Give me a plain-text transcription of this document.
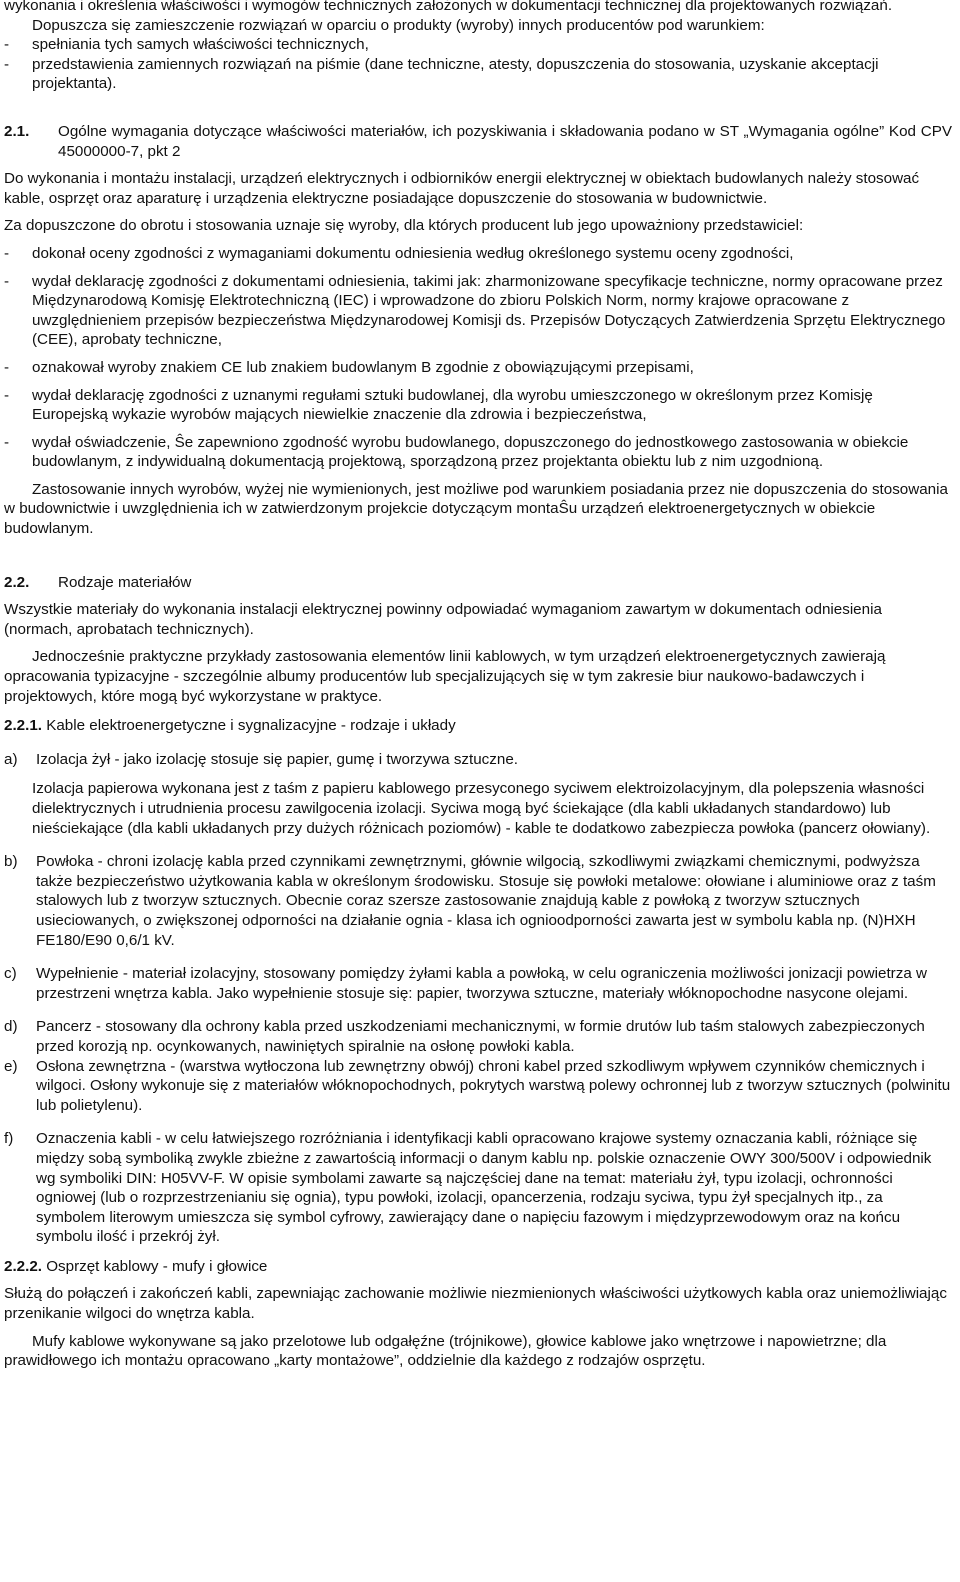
wykonania i określenia właściwości i wymogów technicznych założonych w dokumentacji technicznej dla projektowanych rozwiązań.

Dopuszcza się zamieszczenie rozwiązań w oparciu o produkty (wyroby) innych producentów pod warunkiem:

-	spełniania tych samych właściwości technicznych,
-	przedstawienia zamiennych rozwiązań na piśmie (dane techniczne, atesty, dopuszczenia do stosowania, uzyskanie akceptacji projektanta).
2.1.	Ogólne wymagania dotyczące właściwości materiałów, ich pozyskiwania i składowania podano w ST „Wymagania ogólne” Kod CPV 45000000-7, pkt 2

Do wykonania i montażu instalacji, urządzeń elektrycznych i odbiorników energii elektrycznej w obiektach budowlanych należy stosować kable, osprzęt oraz aparaturę i urządzenia elektryczne posiadające dopuszczenie do stosowania w budownictwie.

Za dopuszczone do obrotu i stosowania uznaje się wyroby, dla których producent lub jego upoważniony przedstawiciel:

-	dokonał oceny zgodności z wymaganiami dokumentu odniesienia według określonego systemu oceny zgodności,
-	wydał deklarację zgodności z dokumentami odniesienia, takimi jak: zharmonizowane specyfikacje techniczne, normy opracowane przez Międzynarodową Komisję Elektrotechniczną (IEC) i wprowadzone do zbioru Polskich Norm, normy krajowe opracowane z uwzględnieniem przepisów bezpieczeństwa Międzynarodowej Komisji ds. Przepisów Dotyczących Zatwierdzenia Sprzętu Elektrycznego (CEE), aprobaty techniczne,
-	oznakował wyroby znakiem CE lub znakiem budowlanym B zgodnie z obowiązującymi przepisami,
-	wydał deklarację zgodności z uznanymi regułami sztuki budowlanej, dla wyrobu umieszczonego w określonym przez Komisję Europejską wykazie wyrobów mających niewielkie znaczenie dla zdrowia i bezpieczeństwa,
-	wydał oświadczenie, Ŝe zapewniono zgodność wyrobu budowlanego, dopuszczonego do jednostkowego zastosowania w obiekcie budowlanym, z indywidualną dokumentacją projektową, sporządzoną przez projektanta obiektu lub z nim uzgodnioną.

Zastosowanie innych wyrobów, wyżej nie wymienionych, jest możliwe pod warunkiem posiadania przez nie dopuszczenia do stosowania w budownictwie i uwzględnienia ich w zatwierdzonym projekcie dotyczącym montaŜu urządzeń elektroenergetycznych w obiekcie budowlanym.

2.2.	Rodzaje materiałów

Wszystkie materiały do wykonania instalacji elektrycznej powinny odpowiadać wymaganiom zawartym w dokumentach odniesienia (normach, aprobatach technicznych).

Jednocześnie praktyczne przykłady zastosowania elementów linii kablowych, w tym urządzeń elektroenergetycznych zawierają opracowania typizacyjne - szczególnie albumy producentów lub specjalizujących się w tym zakresie biur naukowo-badawczych i projektowych, które mogą być wykorzystane w praktyce.

2.2.1. Kable elektroenergetyczne i sygnalizacyjne - rodzaje i układy

a)	Izolacja żył - jako izolację stosuje się papier, gumę i tworzywa sztuczne.

Izolacja papierowa wykonana jest z taśm z papieru kablowego przesyconego syciwem elektroizolacyjnym, dla polepszenia własności dielektrycznych i utrudnienia procesu zawilgocenia izolacji. Syciwa mogą być ściekające (dla kabli układanych standardowo) lub nieściekające (dla kabli układanych przy dużych różnicach poziomów) - kable te dodatkowo zabezpiecza powłoka (pancerz ołowiany).

b)	Powłoka - chroni izolację kabla przed czynnikami zewnętrznymi, głównie wilgocią, szkodliwymi związkami chemicznymi, podwyższa także bezpieczeństwo użytkowania kabla w określonym środowisku. Stosuje się powłoki metalowe: ołowiane i aluminiowe oraz z taśm stalowych lub z tworzyw sztucznych. Obecnie coraz szersze zastosowanie znajdują kable z powłoką z tworzyw sztucznych usieciowanych, o zwiększonej odporności na działanie ognia - klasa ich ognioodporności zawarta jest w symbolu kabla np. (N)HXH FE180/E90 0,6/1 kV.
c)	Wypełnienie - materiał izolacyjny, stosowany pomiędzy żyłami kabla a powłoką, w celu ograniczenia możliwości jonizacji powietrza w przestrzeni wnętrza kabla. Jako wypełnienie stosuje się: papier, tworzywa sztuczne, materiały włóknopochodne nasycone olejami.
d)	Pancerz - stosowany dla ochrony kabla przed uszkodzeniami mechanicznymi, w formie drutów lub taśm stalowych zabezpieczonych przed korozją np. ocynkowanych, nawiniętych spiralnie na osłonę powłoki kabla.
e)	Osłona zewnętrzna - (warstwa wytłoczona lub zewnętrzny obwój) chroni kabel przed szkodliwym wpływem czynników chemicznych i wilgoci. Osłony wykonuje się z materiałów włóknopochodnych, pokrytych warstwą polewy ochronnej lub z tworzyw sztucznych (polwinitu lub polietylenu).
f)	Oznaczenia kabli - w celu łatwiejszego rozróżniania i identyfikacji kabli opracowano krajowe systemy oznaczania kabli, różniące się między sobą symboliką zwykle zbieżne z zawartością informacji o danym kablu np. polskie oznaczenie OWY 300/500V i odpowiednik wg symboliki DIN: H05VV-F. W opisie symbolami zawarte są najczęściej dane na temat: materiału żył, typu izolacji, ochronności ogniowej (lub o rozprzestrzenianiu się ognia), typu powłoki, izolacji, opancerzenia, rodzaju syciwa, typu żył specjalnych itp., za symbolem literowym umieszcza się symbol cyfrowy, zawierający dane o napięciu fazowym i międzyprzewodowym oraz na końcu symbolu ilość i przekrój żył.

2.2.2. Osprzęt kablowy - mufy i głowice

Służą do połączeń i zakończeń kabli, zapewniając zachowanie możliwie niezmienionych właściwości użytkowych kabla oraz uniemożliwiając przenikanie wilgoci do wnętrza kabla.

Mufy kablowe wykonywane są jako przelotowe lub odgałęźne (trójnikowe), głowice kablowe jako wnętrzowe i napowietrzne; dla prawidłowego ich montażu opracowano „karty montażowe”, oddzielnie dla każdego z rodzajów osprzętu.
